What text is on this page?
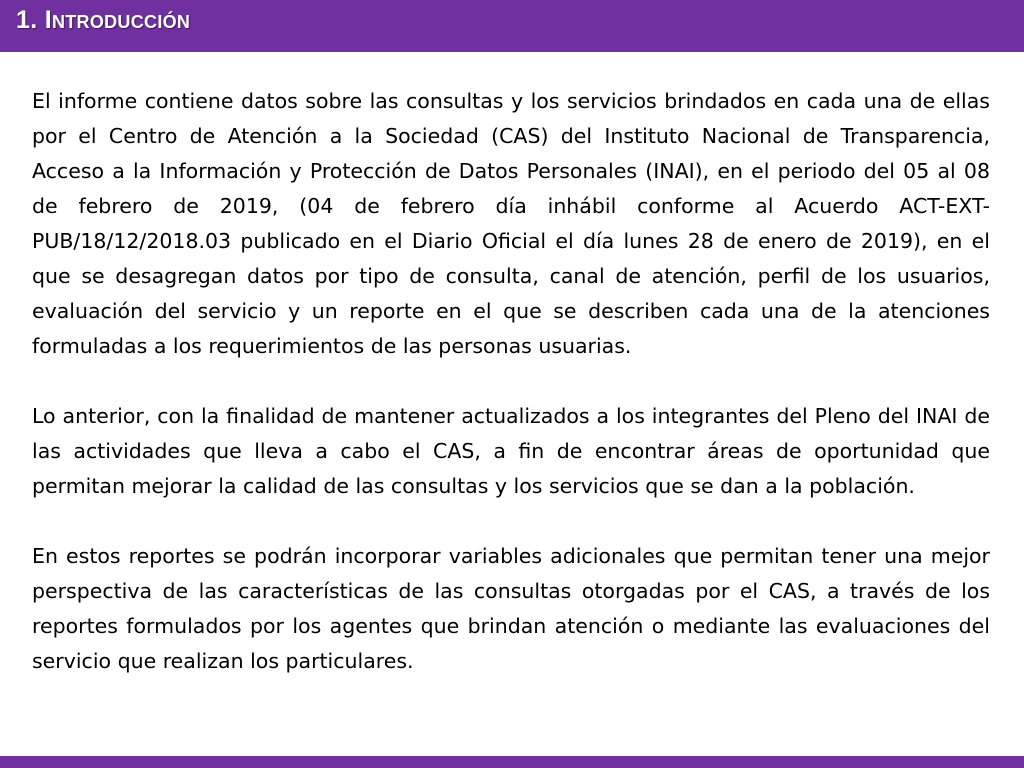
1. Introducción

El informe contiene datos sobre las consultas y los servicios brindados en cada una de ellas por el Centro de Atención a la Sociedad (CAS) del Instituto Nacional de Transparencia, Acceso a la Información y Protección de Datos Personales (INAI), en el periodo del 05 al 08 de febrero de 2019, (04 de febrero día inhábil conforme al Acuerdo ACT-EXT-PUB/18/12/2018.03 publicado en el Diario Oficial el día lunes 28 de enero de 2019), en el que se desagregan datos por tipo de consulta, canal de atención, perfil de los usuarios, evaluación del servicio y un reporte en el que se describen cada una de la atenciones formuladas a los requerimientos de las personas usuarias.

Lo anterior, con la finalidad de mantener actualizados a los integrantes del Pleno del INAI de las actividades que lleva a cabo el CAS, a fin de encontrar áreas de oportunidad que permitan mejorar la calidad de las consultas y los servicios que se dan a la población.

En estos reportes se podrán incorporar variables adicionales que permitan tener una mejor perspectiva de las características de las consultas otorgadas por el CAS, a través de los reportes formulados por los agentes que brindan atención o mediante las evaluaciones del servicio que realizan los particulares.
